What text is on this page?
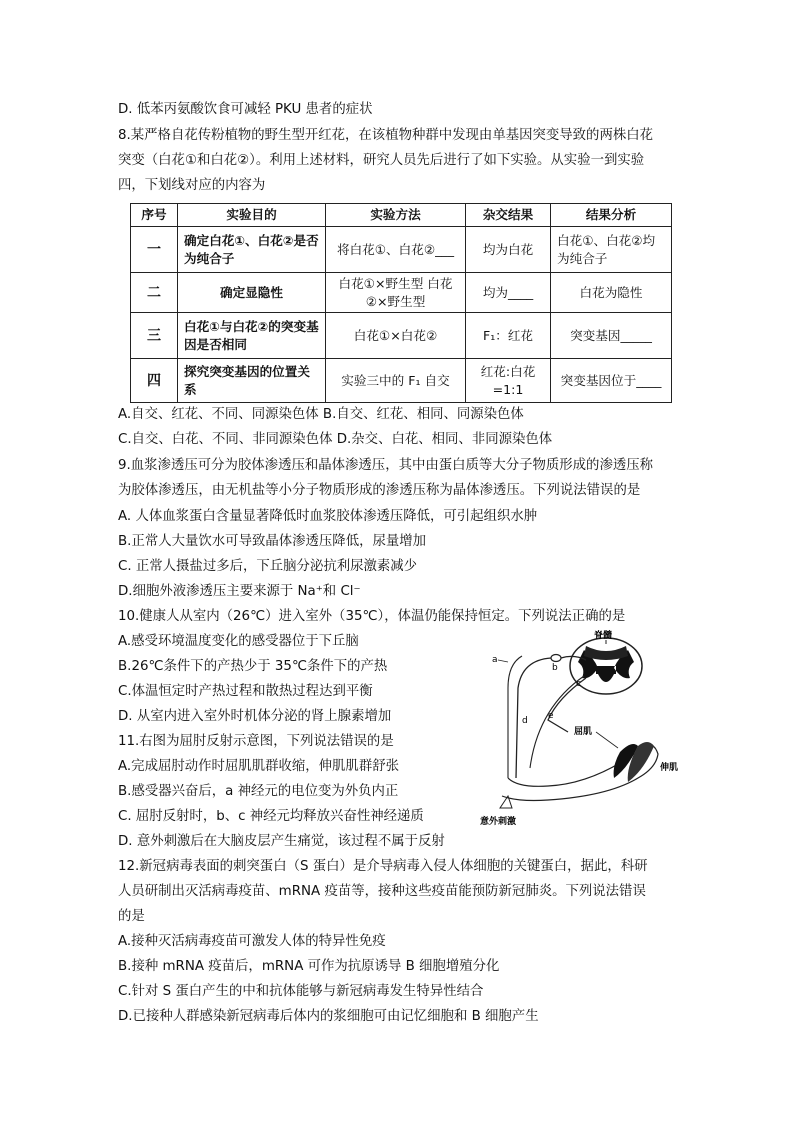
D. 低苯丙氨酸饮食可减轻 PKU 患者的症状
8.某严格自花传粉植物的野生型开红花，在该植物种群中发现由单基因突变导致的两株白花
突变（白花①和白花②）。利用上述材料，研究人员先后进行了如下实验。从实验一到实验
四，下划线对应的内容为
序号	实验目的	实验方法	杂交结果	结果分析
一	确定白花①、白花②是否为纯合子	将白花①、白花②___	均为白花	白花①、白花②均为纯合子
二	确定显隐性	白花①×野生型 白花②×野生型	均为____	白花为隐性
三	白花①与白花②的突变基因是否相同	白花①×白花②	F₁：红花	突变基因_____
四	探究突变基因的位置关系	实验三中的 F₁ 自交	红花:白花 =1:1	突变基因位于____
A.自交、红花、不同、同源染色体 B.自交、红花、相同、同源染色体
C.自交、白花、不同、非同源染色体 D.杂交、白花、相同、非同源染色体
9.血浆渗透压可分为胶体渗透压和晶体渗透压，其中由蛋白质等大分子物质形成的渗透压称
为胶体渗透压，由无机盐等小分子物质形成的渗透压称为晶体渗透压。下列说法错误的是
A. 人体血浆蛋白含量显著降低时血浆胶体渗透压降低，可引起组织水肿
B.正常人大量饮水可导致晶体渗透压降低，尿量增加
C. 正常人摄盐过多后，下丘脑分泌抗利尿激素减少
D.细胞外液渗透压主要来源于 Na⁺和 Cl⁻
10.健康人从室内（26℃）进入室外（35℃），体温仍能保持恒定。下列说法正确的是
A.感受环境温度变化的感受器位于下丘脑
B.26℃条件下的产热少于 35℃条件下的产热
C.体温恒定时产热过程和散热过程达到平衡
D. 从室内进入室外时机体分泌的肾上腺素增加
11.右图为屈肘反射示意图，下列说法错误的是
A.完成屈肘动作时屈肌肌群收缩，伸肌肌群舒张
B.感受器兴奋后，a 神经元的电位变为外负内正
C. 屈肘反射时，b、c 神经元均释放兴奋性神经递质
D. 意外刺激后在大脑皮层产生痛觉，该过程不属于反射
脊髓
a
b
c
d e
屈肌
伸肌
意外刺激
12.新冠病毒表面的刺突蛋白（S 蛋白）是介导病毒入侵人体细胞的关键蛋白，据此，科研
人员研制出灭活病毒疫苗、mRNA 疫苗等，接种这些疫苗能预防新冠肺炎。下列说法错误
的是
A.接种灭活病毒疫苗可激发人体的特异性免疫
B.接种 mRNA 疫苗后，mRNA 可作为抗原诱导 B 细胞增殖分化
C.针对 S 蛋白产生的中和抗体能够与新冠病毒发生特异性结合
D.已接种人群感染新冠病毒后体内的浆细胞可由记忆细胞和 B 细胞产生
